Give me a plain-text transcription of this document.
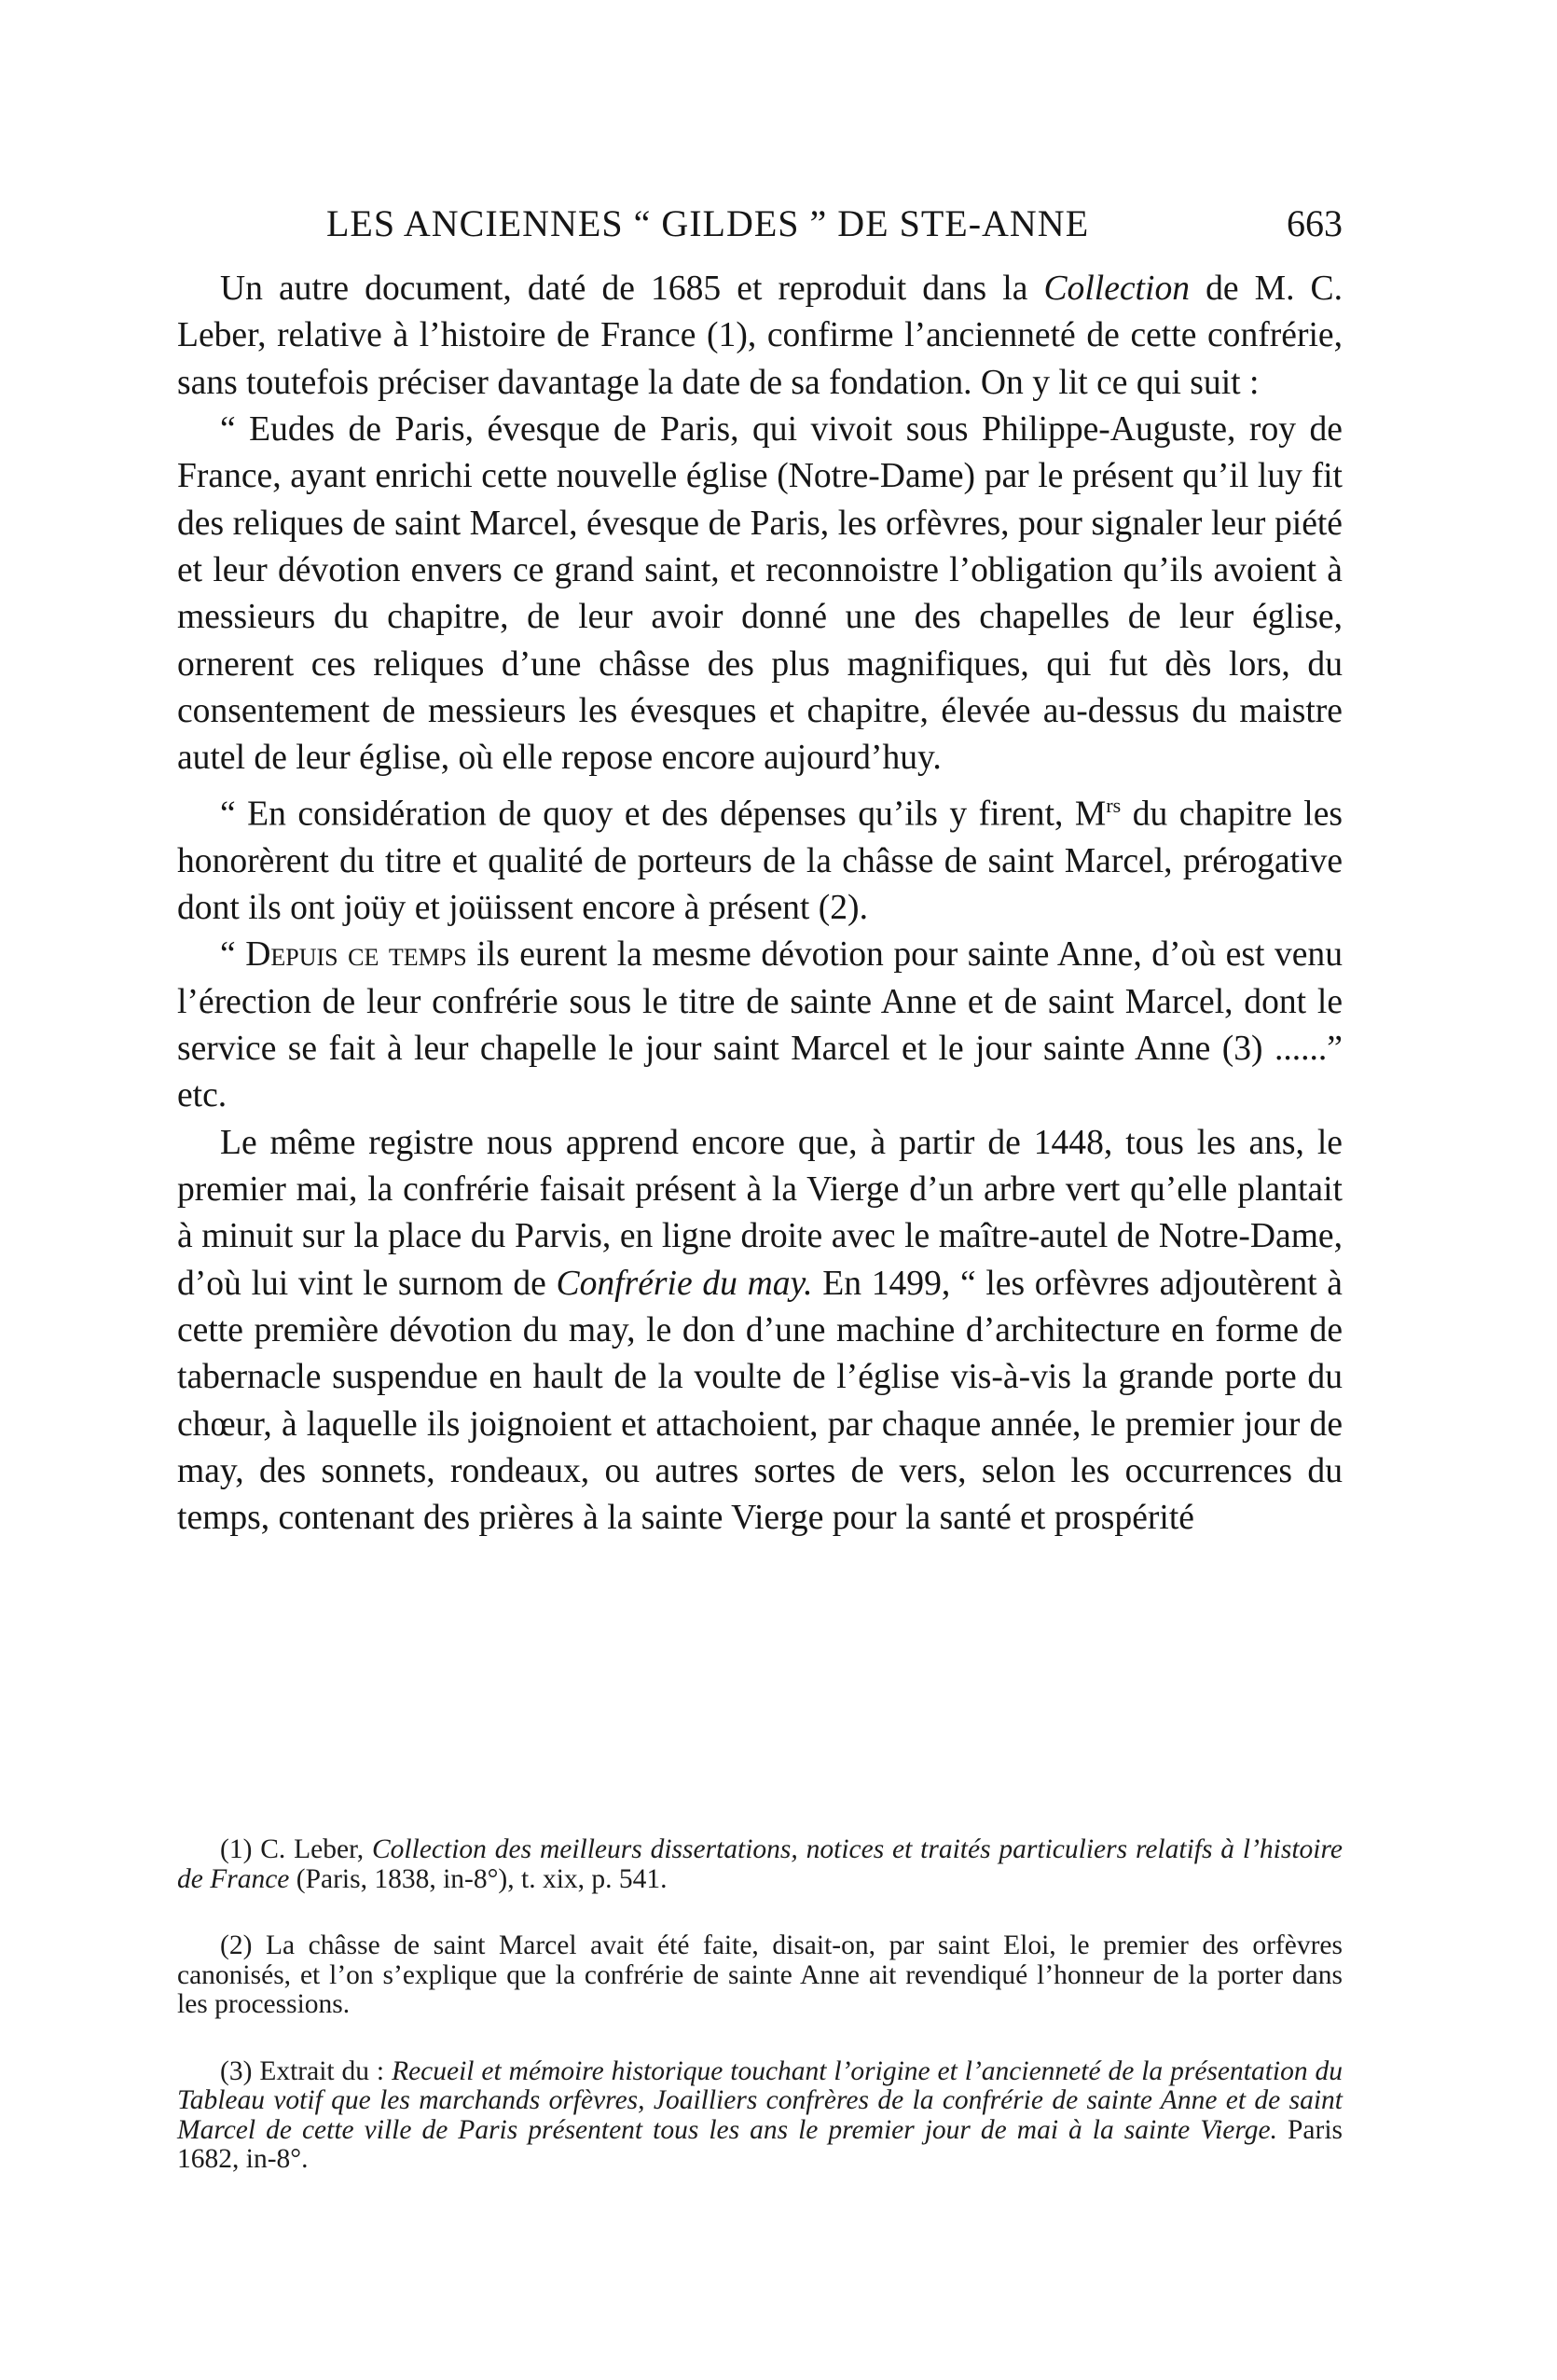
LES ANCIENNES “ GILDES ” DE STE-ANNE	663

Un autre document, daté de 1685 et reproduit dans la Collection de M. C. Leber, relative à l’histoire de France (1), confirme l’ancienneté de cette confrérie, sans toutefois préciser davantage la date de sa fondation. On y lit ce qui suit :

“ Eudes de Paris, évesque de Paris, qui vivoit sous Philippe-Auguste, roy de France, ayant enrichi cette nouvelle église (Notre-Dame) par le présent qu’il luy fit des reliques de saint Marcel, évesque de Paris, les orfèvres, pour signaler leur piété et leur dévotion envers ce grand saint, et reconnoistre l’obligation qu’ils avoient à messieurs du chapitre, de leur avoir donné une des chapelles de leur église, ornerent ces reliques d’une châsse des plus magnifiques, qui fut dès lors, du consentement de messieurs les évesques et chapitre, élevée au-dessus du maistre autel de leur église, où elle repose encore aujourd’huy.

“ En considération de quoy et des dépenses qu’ils y firent, $M^{rs}$ du chapitre les honorèrent du titre et qualité de porteurs de la châsse de saint Marcel, prérogative dont ils ont joüy et joüissent encore à présent (2).

“ Depuis ce temps ils eurent la mesme dévotion pour sainte Anne, d’où est venu l’érection de leur confrérie sous le titre de sainte Anne et de saint Marcel, dont le service se fait à leur chapelle le jour saint Marcel et le jour sainte Anne (3) ......” etc.

Le même registre nous apprend encore que, à partir de 1448, tous les ans, le premier mai, la confrérie faisait présent à la Vierge d’un arbre vert qu’elle plantait à minuit sur la place du Parvis, en ligne droite avec le maître-autel de Notre-Dame, d’où lui vint le surnom de Confrérie du may. En 1499, “ les orfèvres adjoutèrent à cette première dévotion du may, le don d’une machine d’architecture en forme de tabernacle suspendue en hault de la voulte de l’église vis-à-vis la grande porte du chœur, à laquelle ils joignoient et attachoient, par chaque année, le premier jour de may, des sonnets, rondeaux, ou autres sortes de vers, selon les occurrences du temps, contenant des prières à la sainte Vierge pour la santé et prospérité

(1) C. Leber, Collection des meilleurs dissertations, notices et traités particuliers relatifs à l’histoire de France (Paris, 1838, in-8°), t. xix, p. 541.

(2) La châsse de saint Marcel avait été faite, disait-on, par saint Eloi, le premier des orfèvres canonisés, et l’on s’explique que la confrérie de sainte Anne ait revendiqué l’honneur de la porter dans les processions.

(3) Extrait du : Recueil et mémoire historique touchant l’origine et l’ancienneté de la présentation du Tableau votif que les marchands orfèvres, Joailliers confrères de la confrérie de sainte Anne et de saint Marcel de cette ville de Paris présentent tous les ans le premier jour de mai à la sainte Vierge. Paris 1682, in-8°.
